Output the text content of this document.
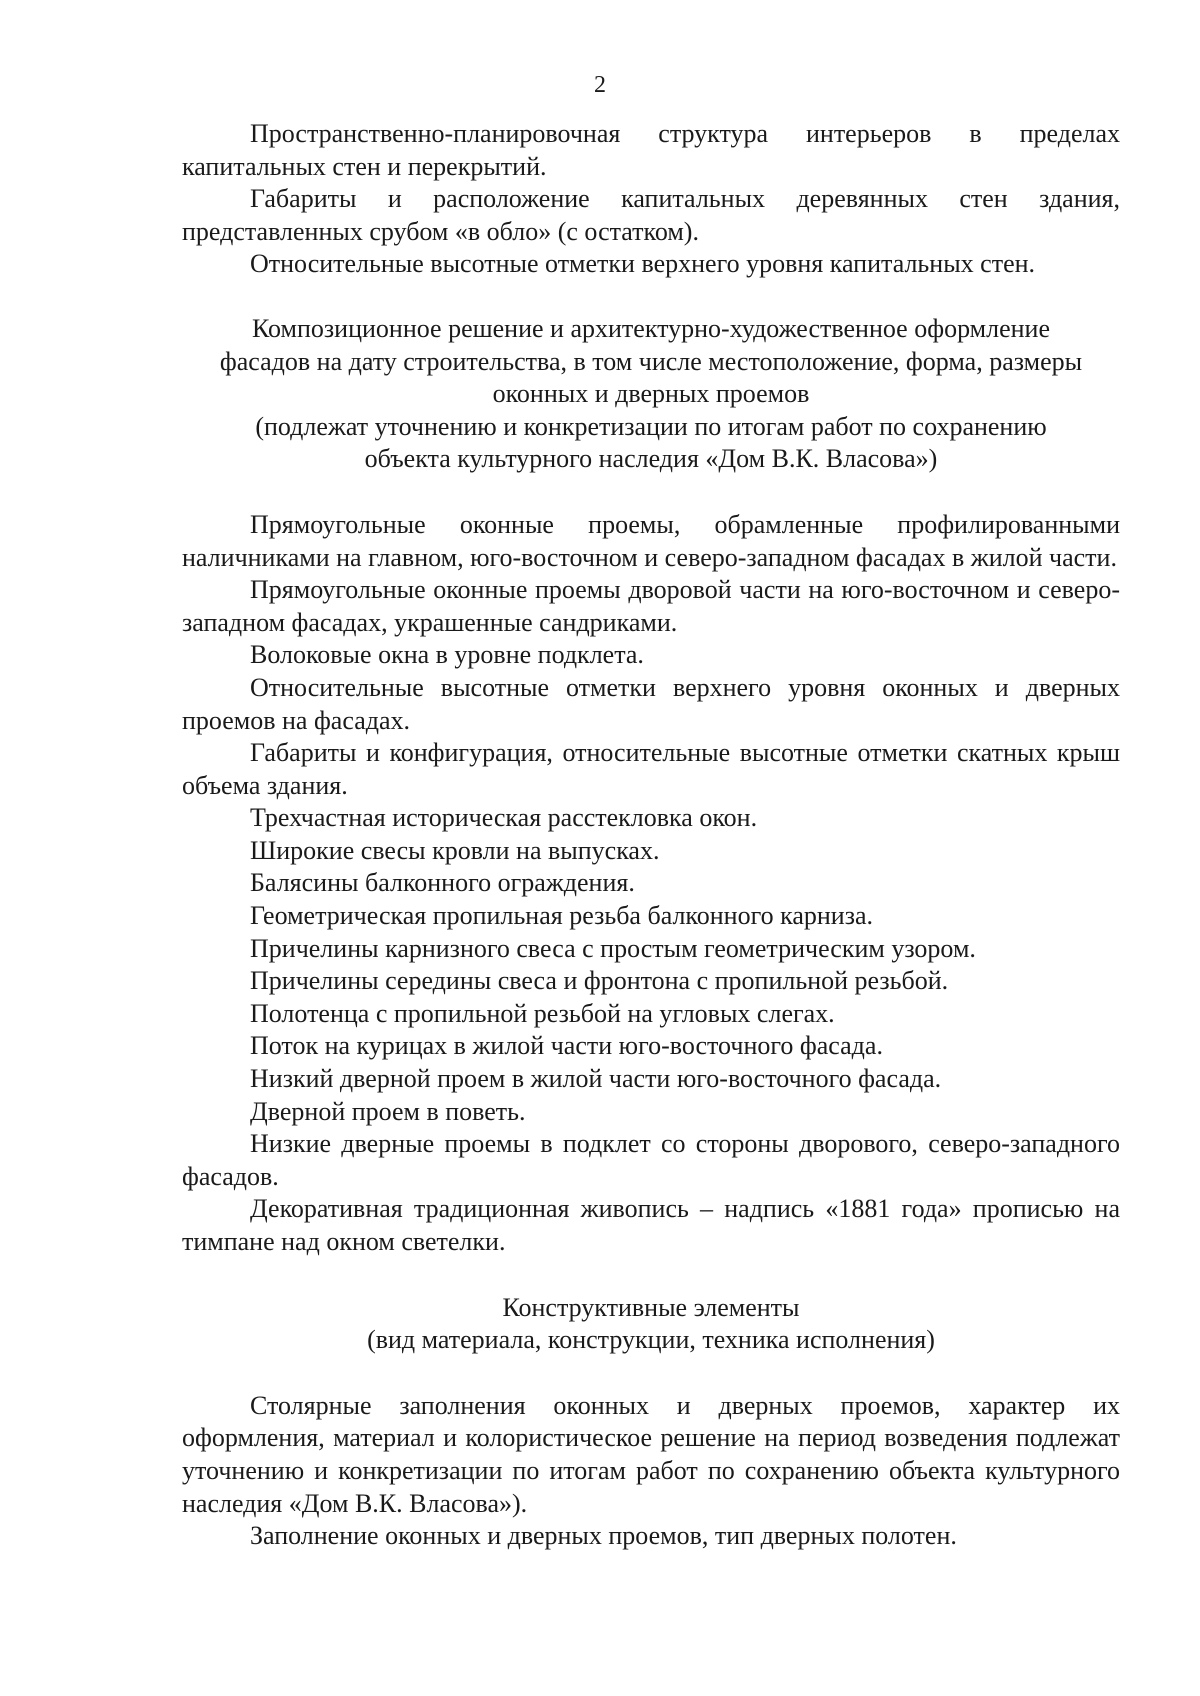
2

Пространственно-планировочная структура интерьеров в пределах капитальных стен и перекрытий.

Габариты и расположение капитальных деревянных стен здания, представленных срубом «в обло» (с остатком).

Относительные высотные отметки верхнего уровня капитальных стен.

Композиционное решение и архитектурно-художественное оформление

фасадов на дату строительства, в том числе местоположение, форма, размеры

оконных и дверных проемов

(подлежат уточнению и конкретизации по итогам работ по сохранению

объекта культурного наследия «Дом В.К. Власова»)

Прямоугольные оконные проемы, обрамленные профилированными наличниками на главном, юго-восточном и северо-западном фасадах в жилой части.

Прямоугольные оконные проемы дворовой части на юго-восточном и северо-западном фасадах, украшенные сандриками.

Волоковые окна в уровне подклета.

Относительные высотные отметки верхнего уровня оконных и дверных проемов на фасадах.

Габариты и конфигурация, относительные высотные отметки скатных крыш объема здания.

Трехчастная историческая расстекловка окон.

Широкие свесы кровли на выпусках.

Балясины балконного ограждения.

Геометрическая пропильная резьба балконного карниза.

Причелины карнизного свеса с простым геометрическим узором.

Причелины середины свеса и фронтона с пропильной резьбой.

Полотенца с пропильной резьбой на угловых слегах.

Поток на курицах в жилой части юго-восточного фасада.

Низкий дверной проем в жилой части юго-восточного фасада.

Дверной проем в поветь.

Низкие дверные проемы в подклет со стороны дворового, северо-западного фасадов.

Декоративная традиционная живопись – надпись «1881 года» прописью на тимпане над окном светелки.

Конструктивные элементы

(вид материала, конструкции, техника исполнения)

Столярные заполнения оконных и дверных проемов, характер их оформления, материал и колористическое решение на период возведения подлежат уточнению и конкретизации по итогам работ по сохранению объекта культурного наследия «Дом В.К. Власова»).

Заполнение оконных и дверных проемов, тип дверных полотен.
